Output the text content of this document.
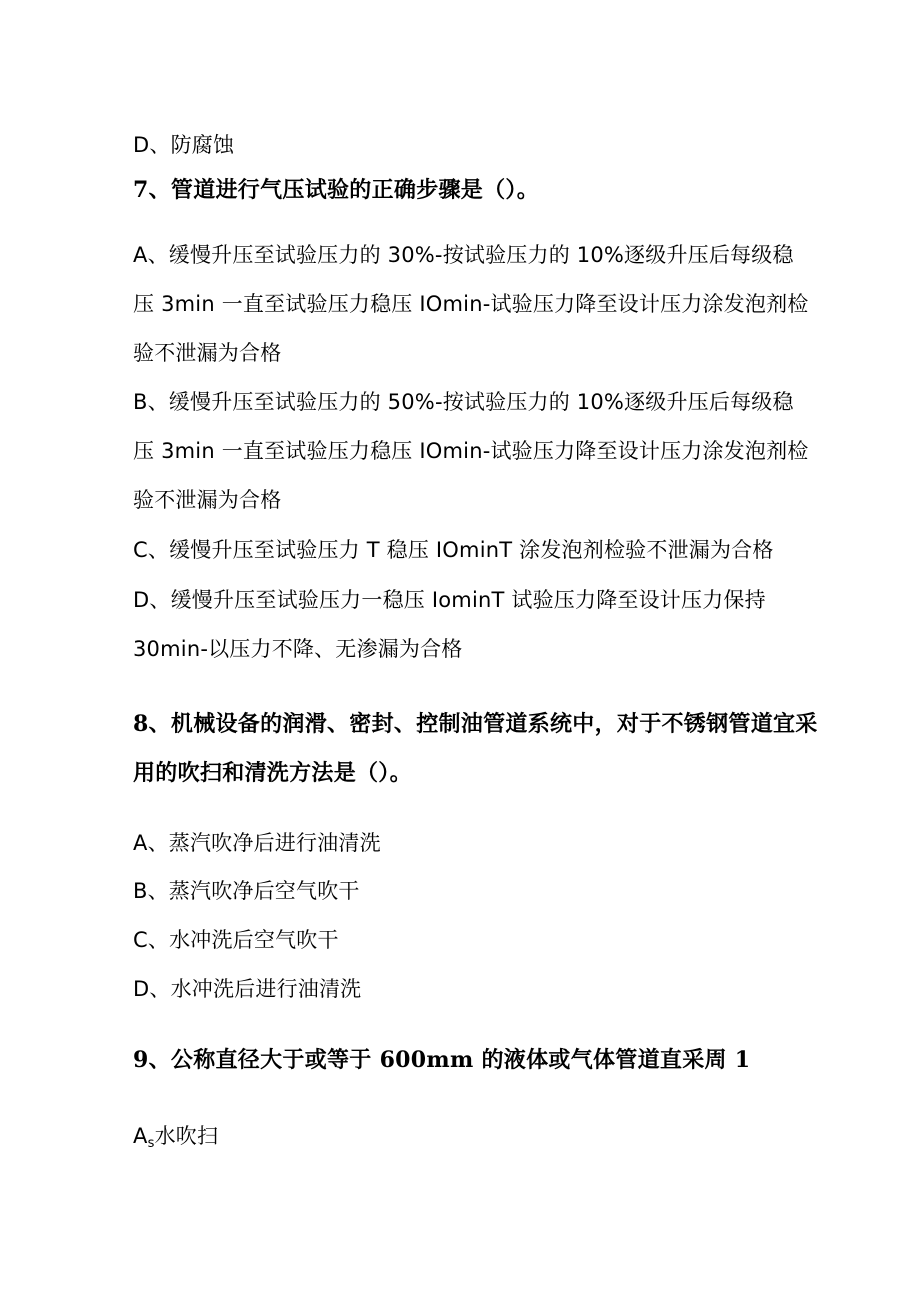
D、防腐蚀
7、管道进行气压试验的正确步骤是（）。
A、缓慢升压至试验压力的 30%-按试验压力的 10%逐级升压后每级稳
压 3min 一直至试验压力稳压 IOmin-试验压力降至设计压力涂发泡剂检
验不泄漏为合格
B、缓慢升压至试验压力的 50%-按试验压力的 10%逐级升压后每级稳
压 3min 一直至试验压力稳压 IOmin-试验压力降至设计压力涂发泡剂检
验不泄漏为合格
C、缓慢升压至试验压力 T 稳压 IOminT 涂发泡剂检验不泄漏为合格
D、缓慢升压至试验压力一稳压 IominT 试验压力降至设计压力保持
30min-以压力不降、无渗漏为合格
8、机械设备的润滑、密封、控制油管道系统中，对于不锈钢管道宜采
用的吹扫和清洗方法是（）。
A、蒸汽吹净后进行油清洗
B、蒸汽吹净后空气吹干
C、水冲洗后空气吹干
D、水冲洗后进行油清洗
9、公称直径大于或等于 600mm 的液体或气体管道直采周 1
$A_s$水吹扫
